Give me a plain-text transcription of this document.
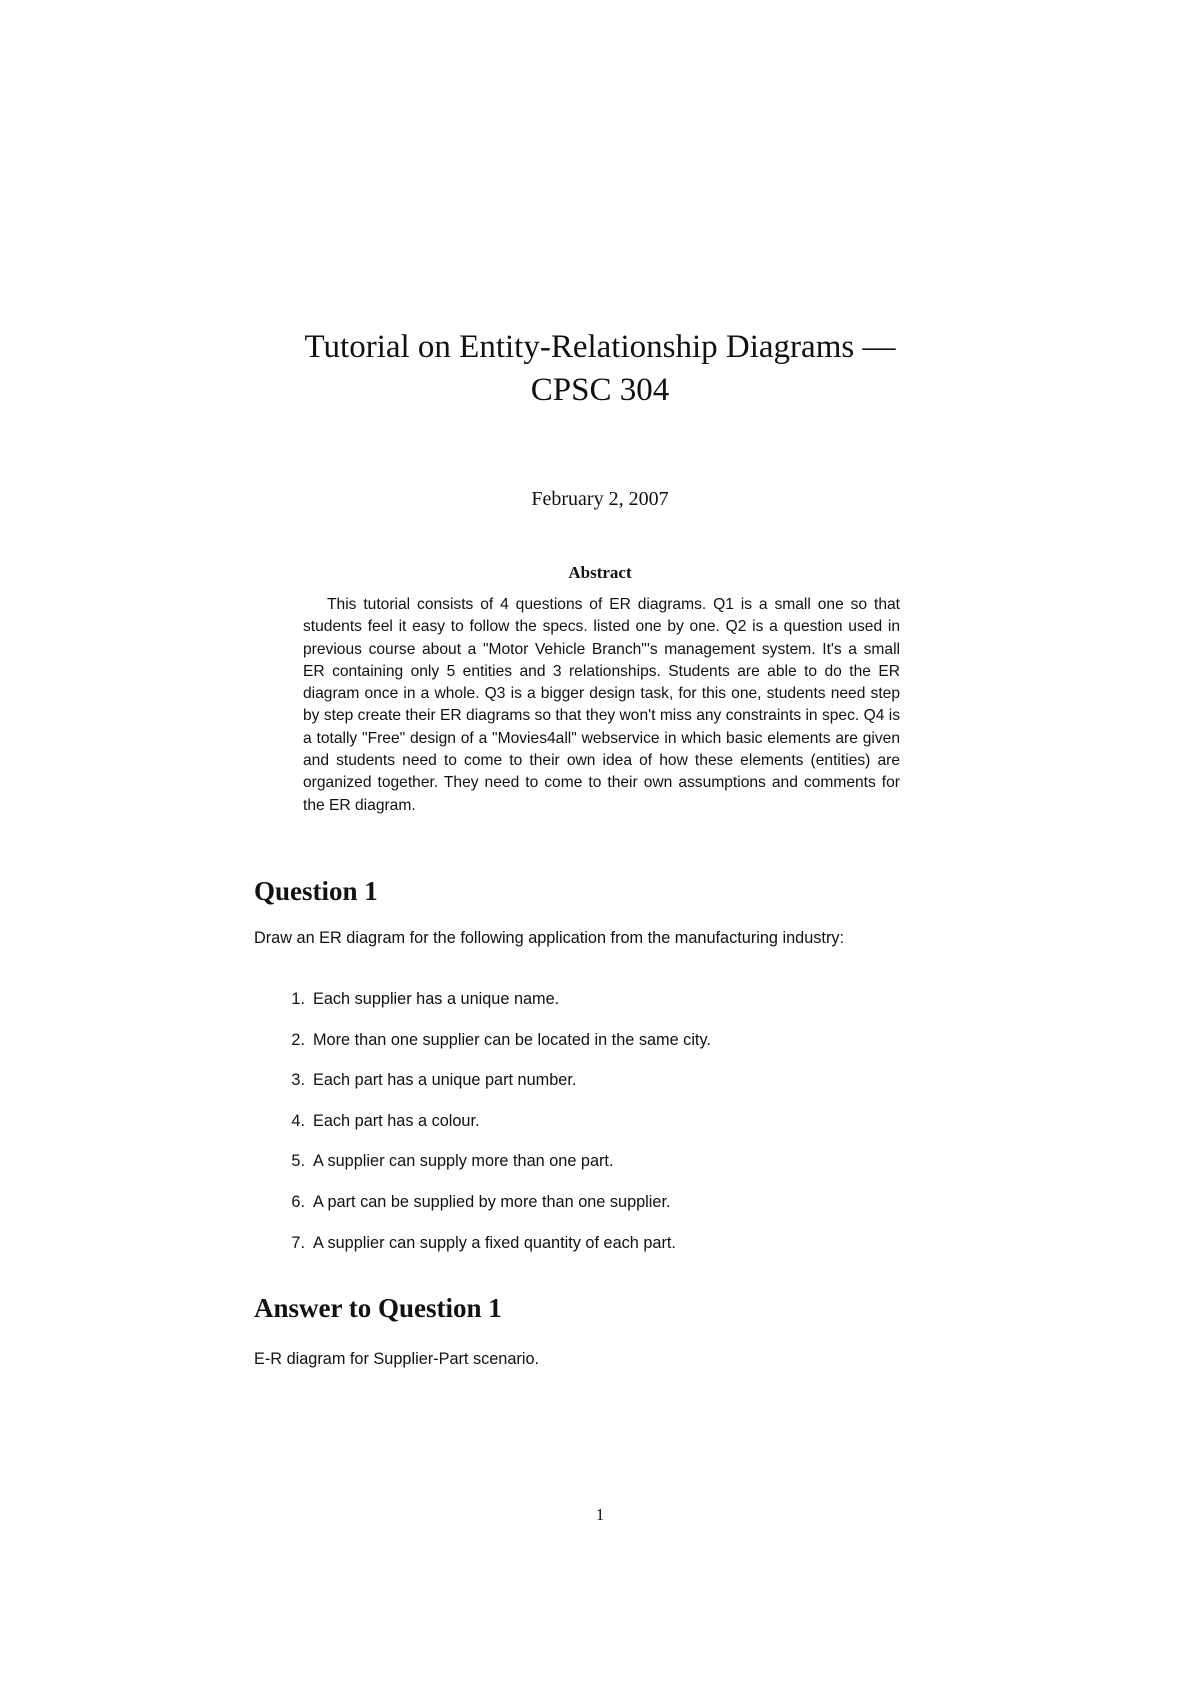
Tutorial on Entity-Relationship Diagrams —
CPSC 304
February 2, 2007
Abstract
This tutorial consists of 4 questions of ER diagrams. Q1 is a small one so that students feel it easy to follow the specs. listed one by one. Q2 is a question used in previous course about a "Motor Vehicle Branch"'s management system. It's a small ER containing only 5 entities and 3 relationships. Students are able to do the ER diagram once in a whole. Q3 is a bigger design task, for this one, students need step by step create their ER diagrams so that they won't miss any constraints in spec. Q4 is a totally "Free" design of a "Movies4all" webservice in which basic elements are given and students need to come to their own idea of how these elements (entities) are organized together. They need to come to their own assumptions and comments for the ER diagram.
Question 1
Draw an ER diagram for the following application from the manufacturing industry:
1. Each supplier has a unique name.
2. More than one supplier can be located in the same city.
3. Each part has a unique part number.
4. Each part has a colour.
5. A supplier can supply more than one part.
6. A part can be supplied by more than one supplier.
7. A supplier can supply a fixed quantity of each part.
Answer to Question 1
E-R diagram for Supplier-Part scenario.
1
